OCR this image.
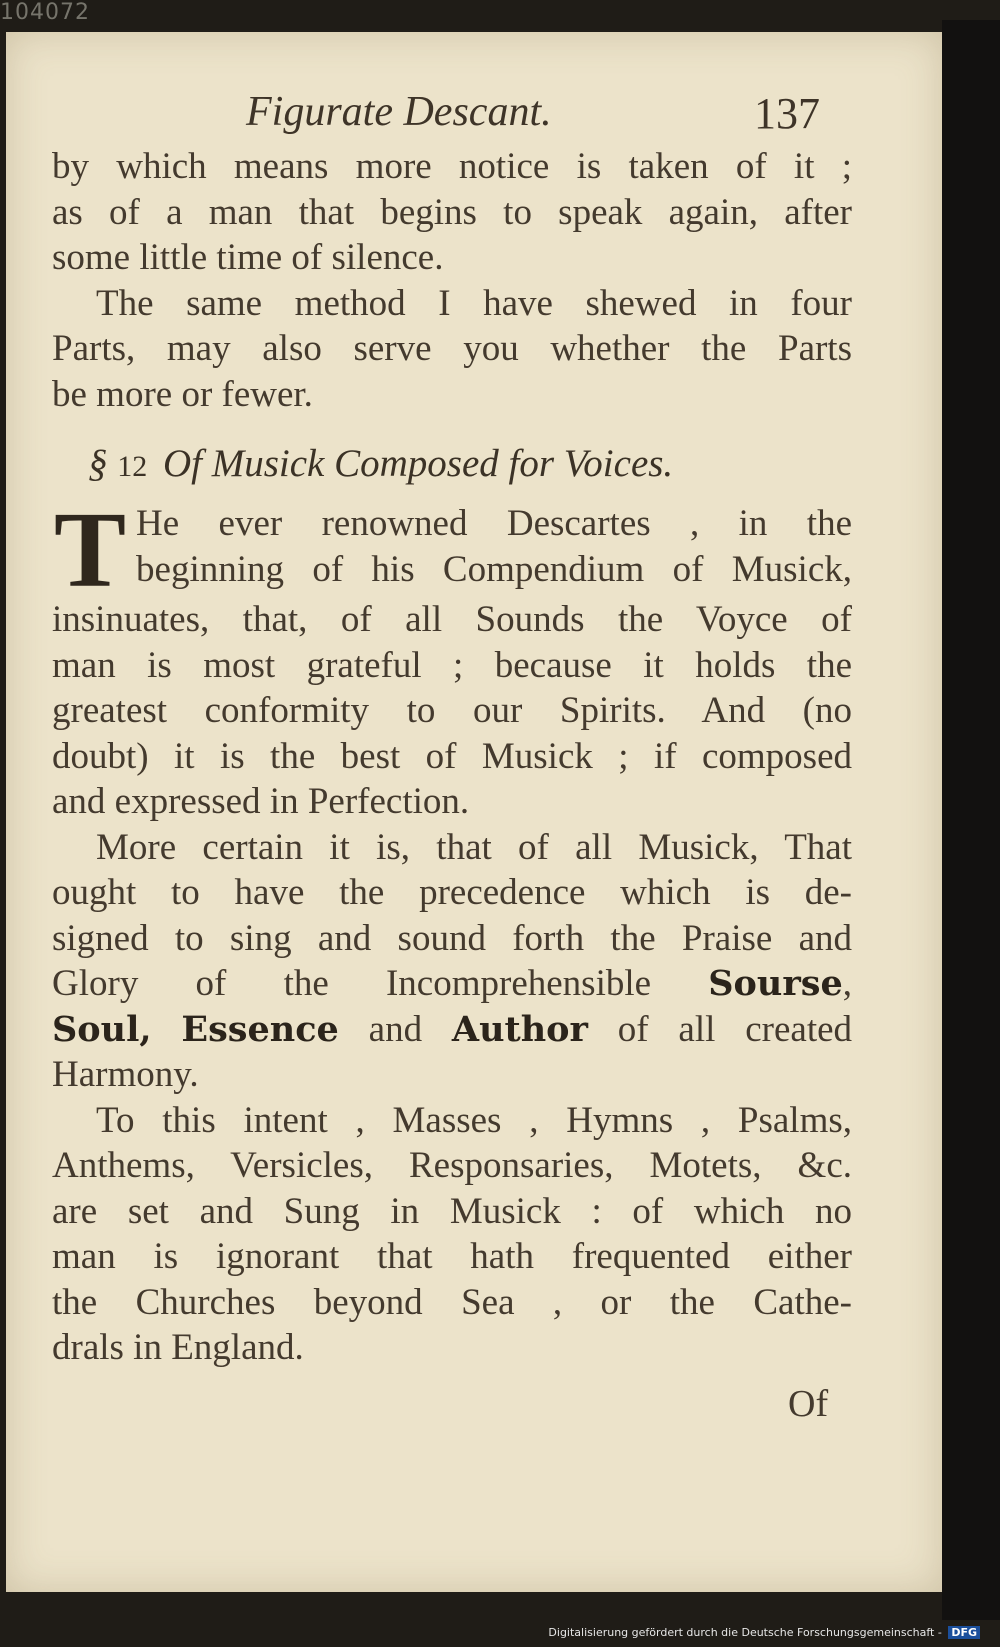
104072
Figurate Descant.	137
by which means more notice is taken of it ;
as of a man that begins to speak again, after
some little time of silence.
The same method I have shewed in four
Parts, may also serve you whether the Parts
be more or fewer.
§ 12 Of Musick Composed for Voices.
T He ever renowned Descartes , in the
beginning of his Compendium of Musick,
insinuates, that, of all Sounds the Voyce of
man is most grateful ; because it holds the
greatest conformity to our Spirits. And (no
doubt) it is the best of Musick ; if composed
and expressed in Perfection.
More certain it is, that of all Musick, That
ought to have the precedence which is de-
signed to sing and sound forth the Praise and
Glory of the Incomprehensible Sourse,
Soul, Essence and Author of all created
Harmony.
To this intent , Masses , Hymns , Psalms,
Anthems, Versicles, Responsaries, Motets, &c.
are set and Sung in Musick : of which no
man is ignorant that hath frequented either
the Churches beyond Sea , or the Cathe-
drals in England.
Of
Digitalisierung gefördert durch die Deutsche Forschungsgemeinschaft - DFG
